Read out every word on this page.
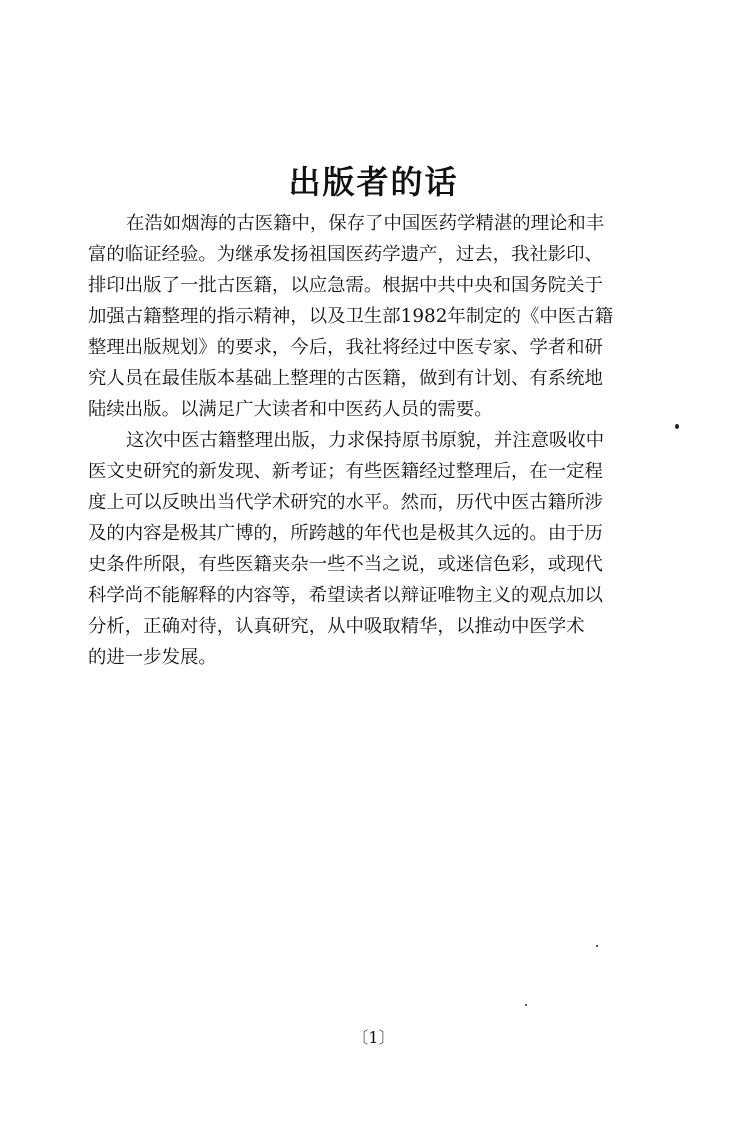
出版者的话
在浩如烟海的古医籍中，保存了中国医药学精湛的理论和丰
富的临证经验。为继承发扬祖国医药学遗产，过去，我社影印、
排印出版了一批古医籍，以应急需。根据中共中央和国务院关于
加强古籍整理的指示精神，以及卫生部1982年制定的《中医古籍
整理出版规划》的要求，今后，我社将经过中医专家、学者和研
究人员在最佳版本基础上整理的古医籍，做到有计划、有系统地
陆续出版。以满足广大读者和中医药人员的需要。
这次中医古籍整理出版，力求保持原书原貌，并注意吸收中
医文史研究的新发现、新考证；有些医籍经过整理后，在一定程
度上可以反映出当代学术研究的水平。然而，历代中医古籍所涉
及的内容是极其广博的，所跨越的年代也是极其久远的。由于历
史条件所限，有些医籍夹杂一些不当之说，或迷信色彩，或现代
科学尚不能解释的内容等，希望读者以辩证唯物主义的观点加以
分析，正确对待，认真研究，从中吸取精华，以推动中医学术
的进一步发展。
〔1〕
